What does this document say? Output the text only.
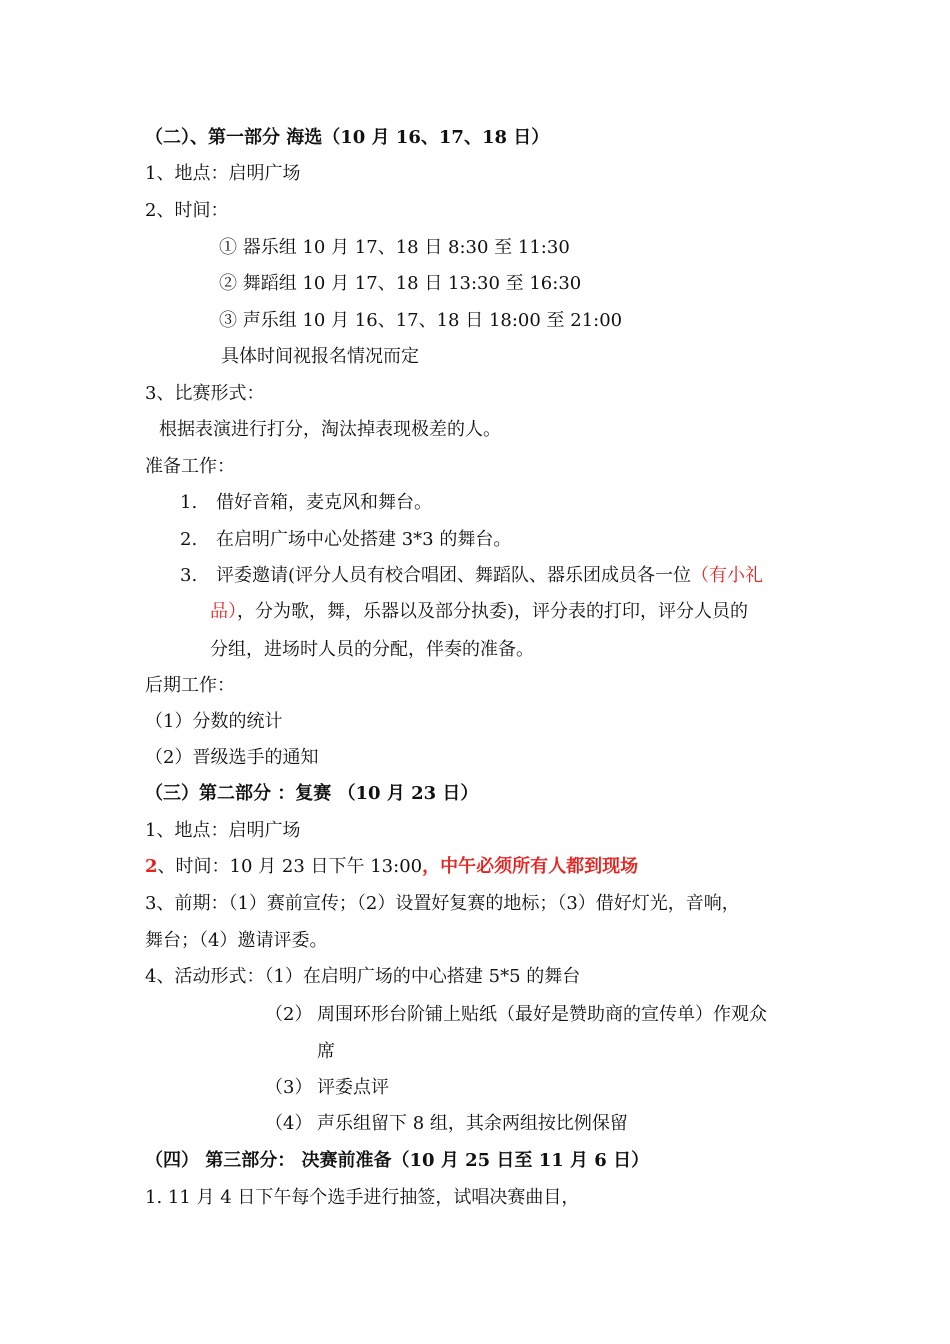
（二）、第一部分 海选（10 月 16、17、18 日）
1、地点：启明广场
2、时间：
① 器乐组 10 月 17、18 日 8:30 至 11:30
② 舞蹈组 10 月 17、18 日 13:30 至 16:30
③ 声乐组 10 月 16、17、18 日 18:00 至 21:00
具体时间视报名情况而定
3、比赛形式：
根据表演进行打分，淘汰掉表现极差的人。
准备工作：
1. 借好音箱，麦克风和舞台。
2. 在启明广场中心处搭建 3*3 的舞台。
3. 评委邀请(评分人员有校合唱团、舞蹈队、器乐团成员各一位（有小礼
品），分为歌，舞，乐器以及部分执委)，评分表的打印，评分人员的
分组，进场时人员的分配，伴奏的准备。
后期工作：
（1）分数的统计
（2）晋级选手的通知
（三）第二部分 ：复赛 （10 月 23 日）
1、地点：启明广场
2、时间：10 月 23 日下午 13:00，中午必须所有人都到现场
3、前期：（1）赛前宣传；（2）设置好复赛的地标；（3）借好灯光，音响，
舞台；（4）邀请评委。
4、活动形式：（1）在启明广场的中心搭建 5*5 的舞台
（2） 周围环形台阶铺上贴纸（最好是赞助商的宣传单）作观众
席
（3） 评委点评
（4） 声乐组留下 8 组，其余两组按比例保留
（四） 第三部分： 决赛前准备（10 月 25 日至 11 月 6 日）
1. 11 月 4 日下午每个选手进行抽签，试唱决赛曲目，
